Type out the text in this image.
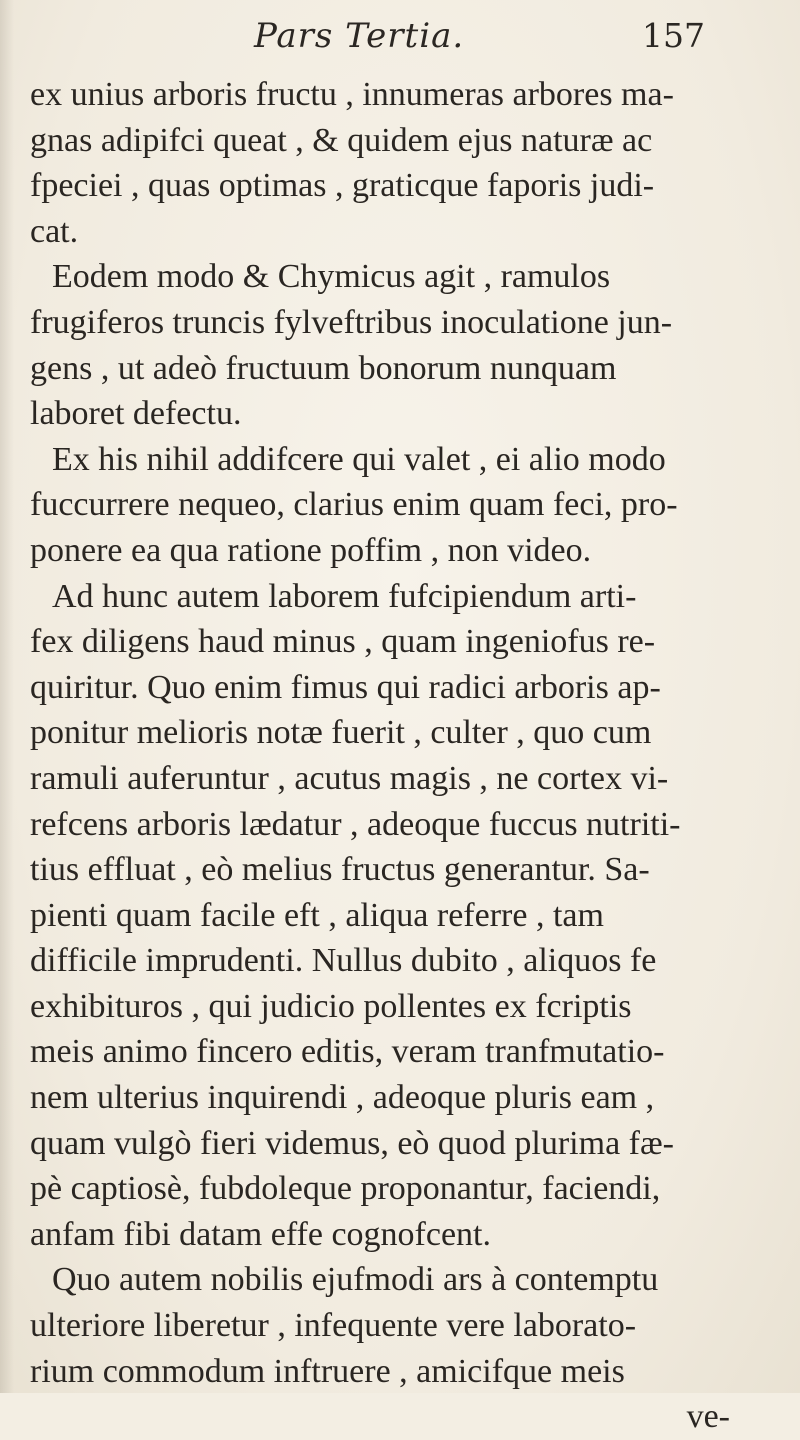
Pars Tertia.	157
ex unius arboris fructu , innumeras arbores ma-
gnas adipifci queat , & quidem ejus naturæ ac
fpeciei , quas optimas , graticque faporis judi-
cat.
Eodem modo & Chymicus agit , ramulos
frugiferos truncis fylveftribus inoculatione jun-
gens , ut adeò fructuum bonorum nunquam
laboret defectu.
Ex his nihil addifcere qui valet , ei alio modo
fuccurrere nequeo, clarius enim quam feci, pro-
ponere ea qua ratione poffim , non video.
Ad hunc autem laborem fufcipiendum arti-
fex diligens haud minus , quam ingeniofus re-
quiritur. Quo enim fimus qui radici arboris ap-
ponitur melioris notæ fuerit , culter , quo cum
ramuli auferuntur , acutus magis , ne cortex vi-
refcens arboris lædatur , adeoque fuccus nutriti-
tius effluat , eò melius fructus generantur. Sa-
pienti quam facile eft , aliqua referre , tam
difficile imprudenti. Nullus dubito , aliquos fe
exhibituros , qui judicio pollentes ex fcriptis
meis animo fincero editis, veram tranfmutatio-
nem ulterius inquirendi , adeoque pluris eam ,
quam vulgò fieri videmus, eò quod plurima fæ-
pè captiosè, fubdoleque proponantur, faciendi,
anfam fibi datam effe cognofcent.
Quo autem nobilis ejufmodi ars à contemptu
ulteriore liberetur , infequente vere laborato-
rium commodum inftruere , amicifque meis
ve-
